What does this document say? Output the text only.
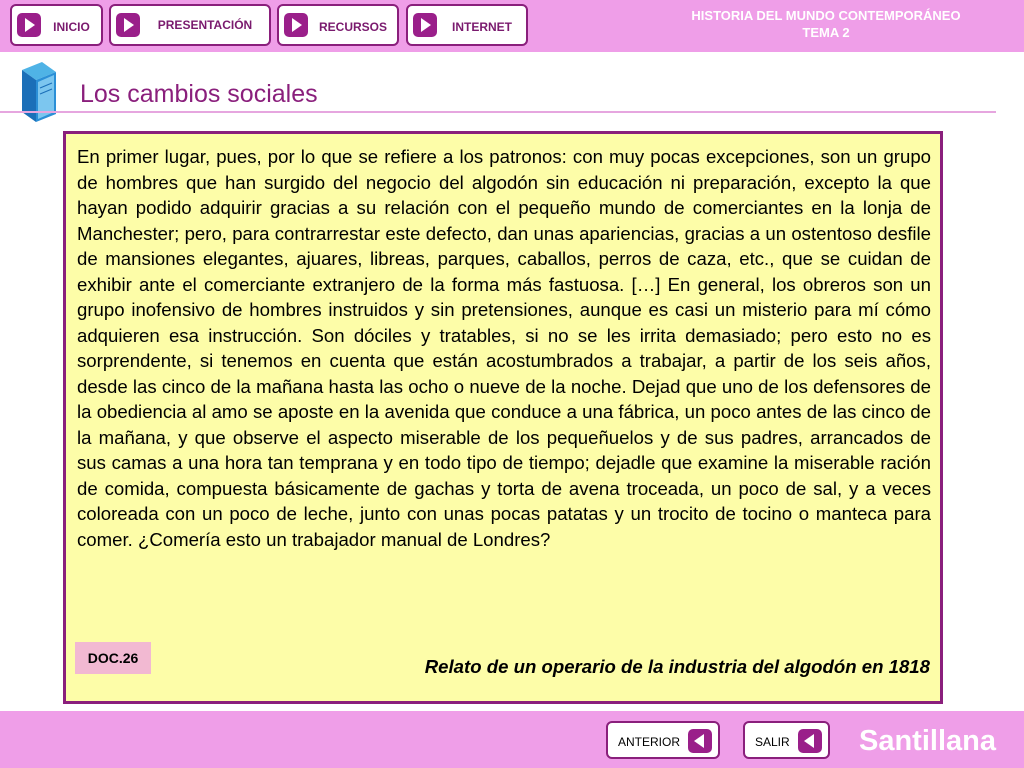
INICIO	PRESENTACIÓN	RECURSOS	INTERNET
HISTORIA DEL MUNDO CONTEMPORÁNEO
TEMA 2
Los cambios sociales
En primer lugar, pues, por lo que se refiere a los patronos: con muy pocas excepciones, son un grupo de hombres que han surgido del negocio del algodón sin educación ni preparación, excepto la que hayan podido adquirir gracias a su relación con el pequeño mundo de comerciantes en la lonja de Manchester; pero, para contrarrestar este defecto, dan unas apariencias, gracias a un ostentoso desfile de mansiones elegantes, ajuares, libreas, parques, caballos, perros de caza, etc., que se cuidan de exhibir ante el comerciante extranjero de la forma más fastuosa. […] En general, los obreros son un grupo inofensivo de hombres instruidos y sin pretensiones, aunque es casi un misterio para mí cómo adquieren esa instrucción. Son dóciles y tratables, si no se les irrita demasiado; pero esto no es sorprendente, si tenemos en cuenta que están acostumbrados a trabajar, a partir de los seis años, desde las cinco de la mañana hasta las ocho o nueve de la noche. Dejad que uno de los defensores de la obediencia al amo se aposte en la avenida que conduce a una fábrica, un poco antes de las cinco de la mañana, y que observe el aspecto miserable de los pequeñuelos y de sus padres, arrancados de sus camas a una hora tan temprana y en todo tipo de tiempo; dejadle que examine la miserable ración de comida, compuesta básicamente de gachas y torta de avena troceada, un poco de sal, y a veces coloreada con un poco de leche, junto con unas pocas patatas y un trocito de tocino o manteca para comer. ¿Comería esto un trabajador manual de Londres?
DOC.26	Relato de un operario de la industria del algodón en 1818
ANTERIOR	SALIR Santillana
